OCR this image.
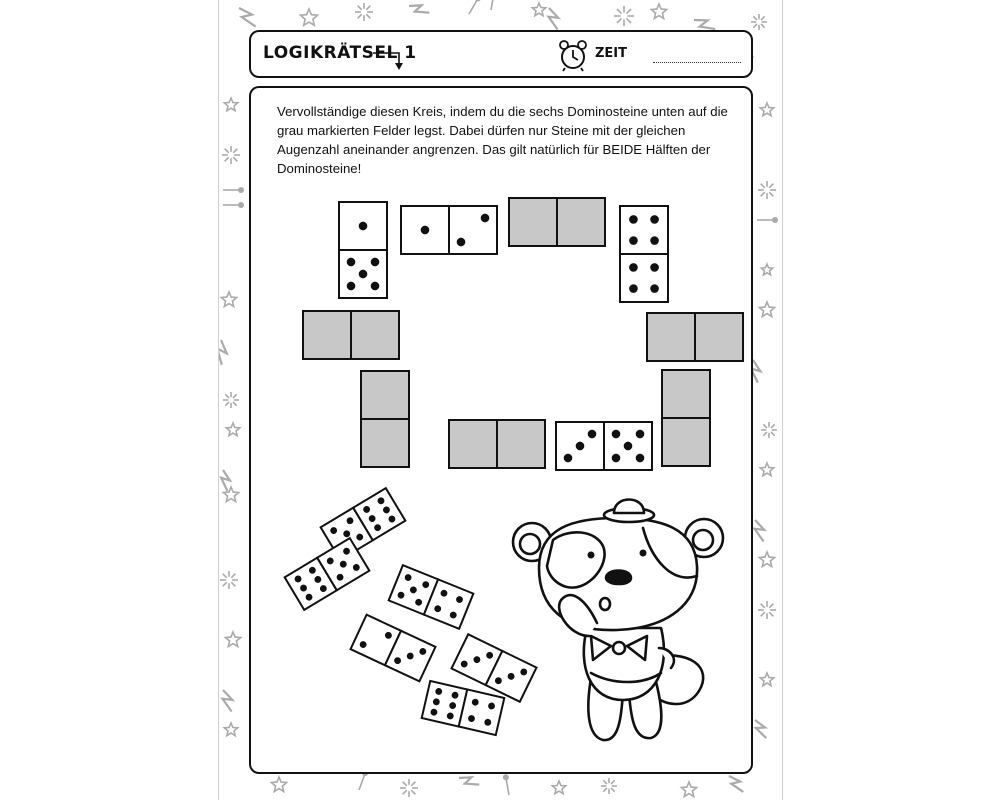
LOGIKRÄTSEL 1	ZEIT
Vervollständige diesen Kreis, indem du die sechs Dominosteine unten auf die grau markierten Felder legst. Dabei dürfen nur Steine mit der gleichen Augenzahl aneinander angrenzen. Das gilt natürlich für BEIDE Hälften der Dominosteine!
